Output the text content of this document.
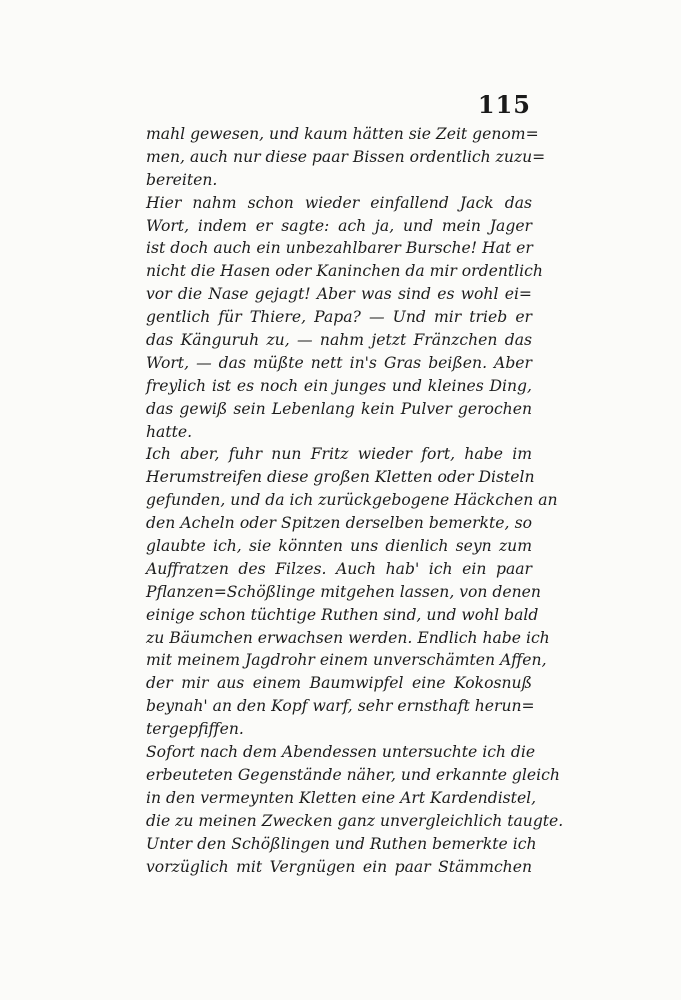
115
mahl gewesen, und kaum hätten sie Zeit genom=
men, auch nur diese paar Bissen ordentlich zuzu=
bereiten.
Hier nahm schon wieder einfallend Jack das
Wort, indem er sagte: ach ja, und mein Jager
ist doch auch ein unbezahlbarer Bursche! Hat er
nicht die Hasen oder Kaninchen da mir ordentlich
vor die Nase gejagt! Aber was sind es wohl ei=
gentlich für Thiere, Papa? — Und mir trieb er
das Känguruh zu, — nahm jetzt Fränzchen das
Wort, — das müßte nett in's Gras beißen. Aber
freylich ist es noch ein junges und kleines Ding,
das gewiß sein Lebenlang kein Pulver gerochen
hatte.
Ich aber, fuhr nun Fritz wieder fort, habe im
Herumstreifen diese großen Kletten oder Disteln
gefunden, und da ich zurückgebogene Häckchen an
den Acheln oder Spitzen derselben bemerkte, so
glaubte ich, sie könnten uns dienlich seyn zum
Auffratzen des Filzes. Auch hab' ich ein paar
Pflanzen=Schößlinge mitgehen lassen, von denen
einige schon tüchtige Ruthen sind, und wohl bald
zu Bäumchen erwachsen werden. Endlich habe ich
mit meinem Jagdrohr einem unverschämten Affen,
der mir aus einem Baumwipfel eine Kokosnuß
beynah' an den Kopf warf, sehr ernsthaft herun=
tergepfiffen.
Sofort nach dem Abendessen untersuchte ich die
erbeuteten Gegenstände näher, und erkannte gleich
in den vermeynten Kletten eine Art Kardendistel,
die zu meinen Zwecken ganz unvergleichlich taugte.
Unter den Schößlingen und Ruthen bemerkte ich
vorzüglich mit Vergnügen ein paar Stämmchen
